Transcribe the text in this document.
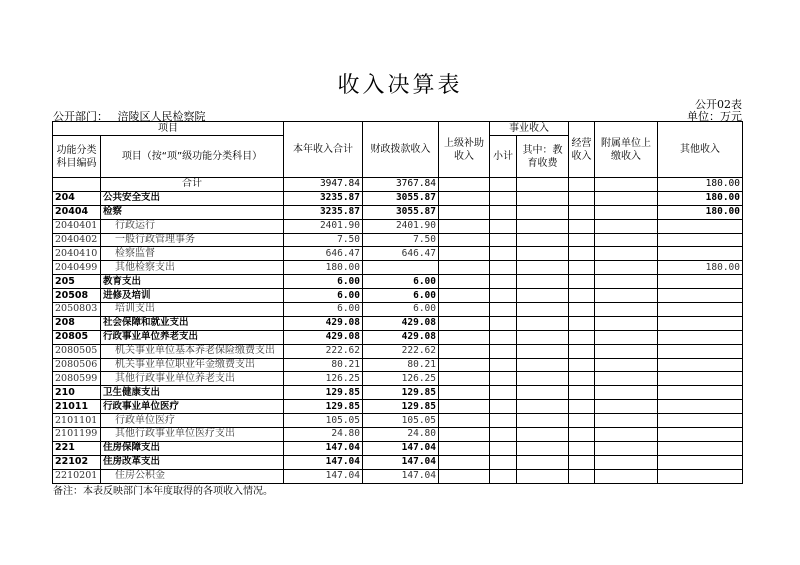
收入决算表
公开02表
公开部门： 涪陵区人民检察院	单位：万元
项目		本年收入合计	财政拨款收入	上级补助收入	事业收入		经营收入	附属单位上缴收入	其他收入
功能分类科目编码	项目（按“项”级功能分类科目）				小计	其中：教育收费			
	合计	3947.84	3767.84						180.00
204	公共安全支出	3235.87	3055.87						180.00
20404	检察	3235.87	3055.87						180.00
2040401	行政运行	2401.90	2401.90						
2040402	一般行政管理事务	7.50	7.50						
2040410	检察监督	646.47	646.47						
2040499	其他检察支出	180.00							180.00
205	教育支出	6.00	6.00						
20508	进修及培训	6.00	6.00						
2050803	培训支出	6.00	6.00						
208	社会保障和就业支出	429.08	429.08						
20805	行政事业单位养老支出	429.08	429.08						
2080505	机关事业单位基本养老保险缴费支出	222.62	222.62						
2080506	机关事业单位职业年金缴费支出	80.21	80.21						
2080599	其他行政事业单位养老支出	126.25	126.25						
210	卫生健康支出	129.85	129.85						
21011	行政事业单位医疗	129.85	129.85						
2101101	行政单位医疗	105.05	105.05						
2101199	其他行政事业单位医疗支出	24.80	24.80						
221	住房保障支出	147.04	147.04						
22102	住房改革支出	147.04	147.04						
2210201	住房公积金	147.04	147.04						
备注：本表反映部门本年度取得的各项收入情况。
